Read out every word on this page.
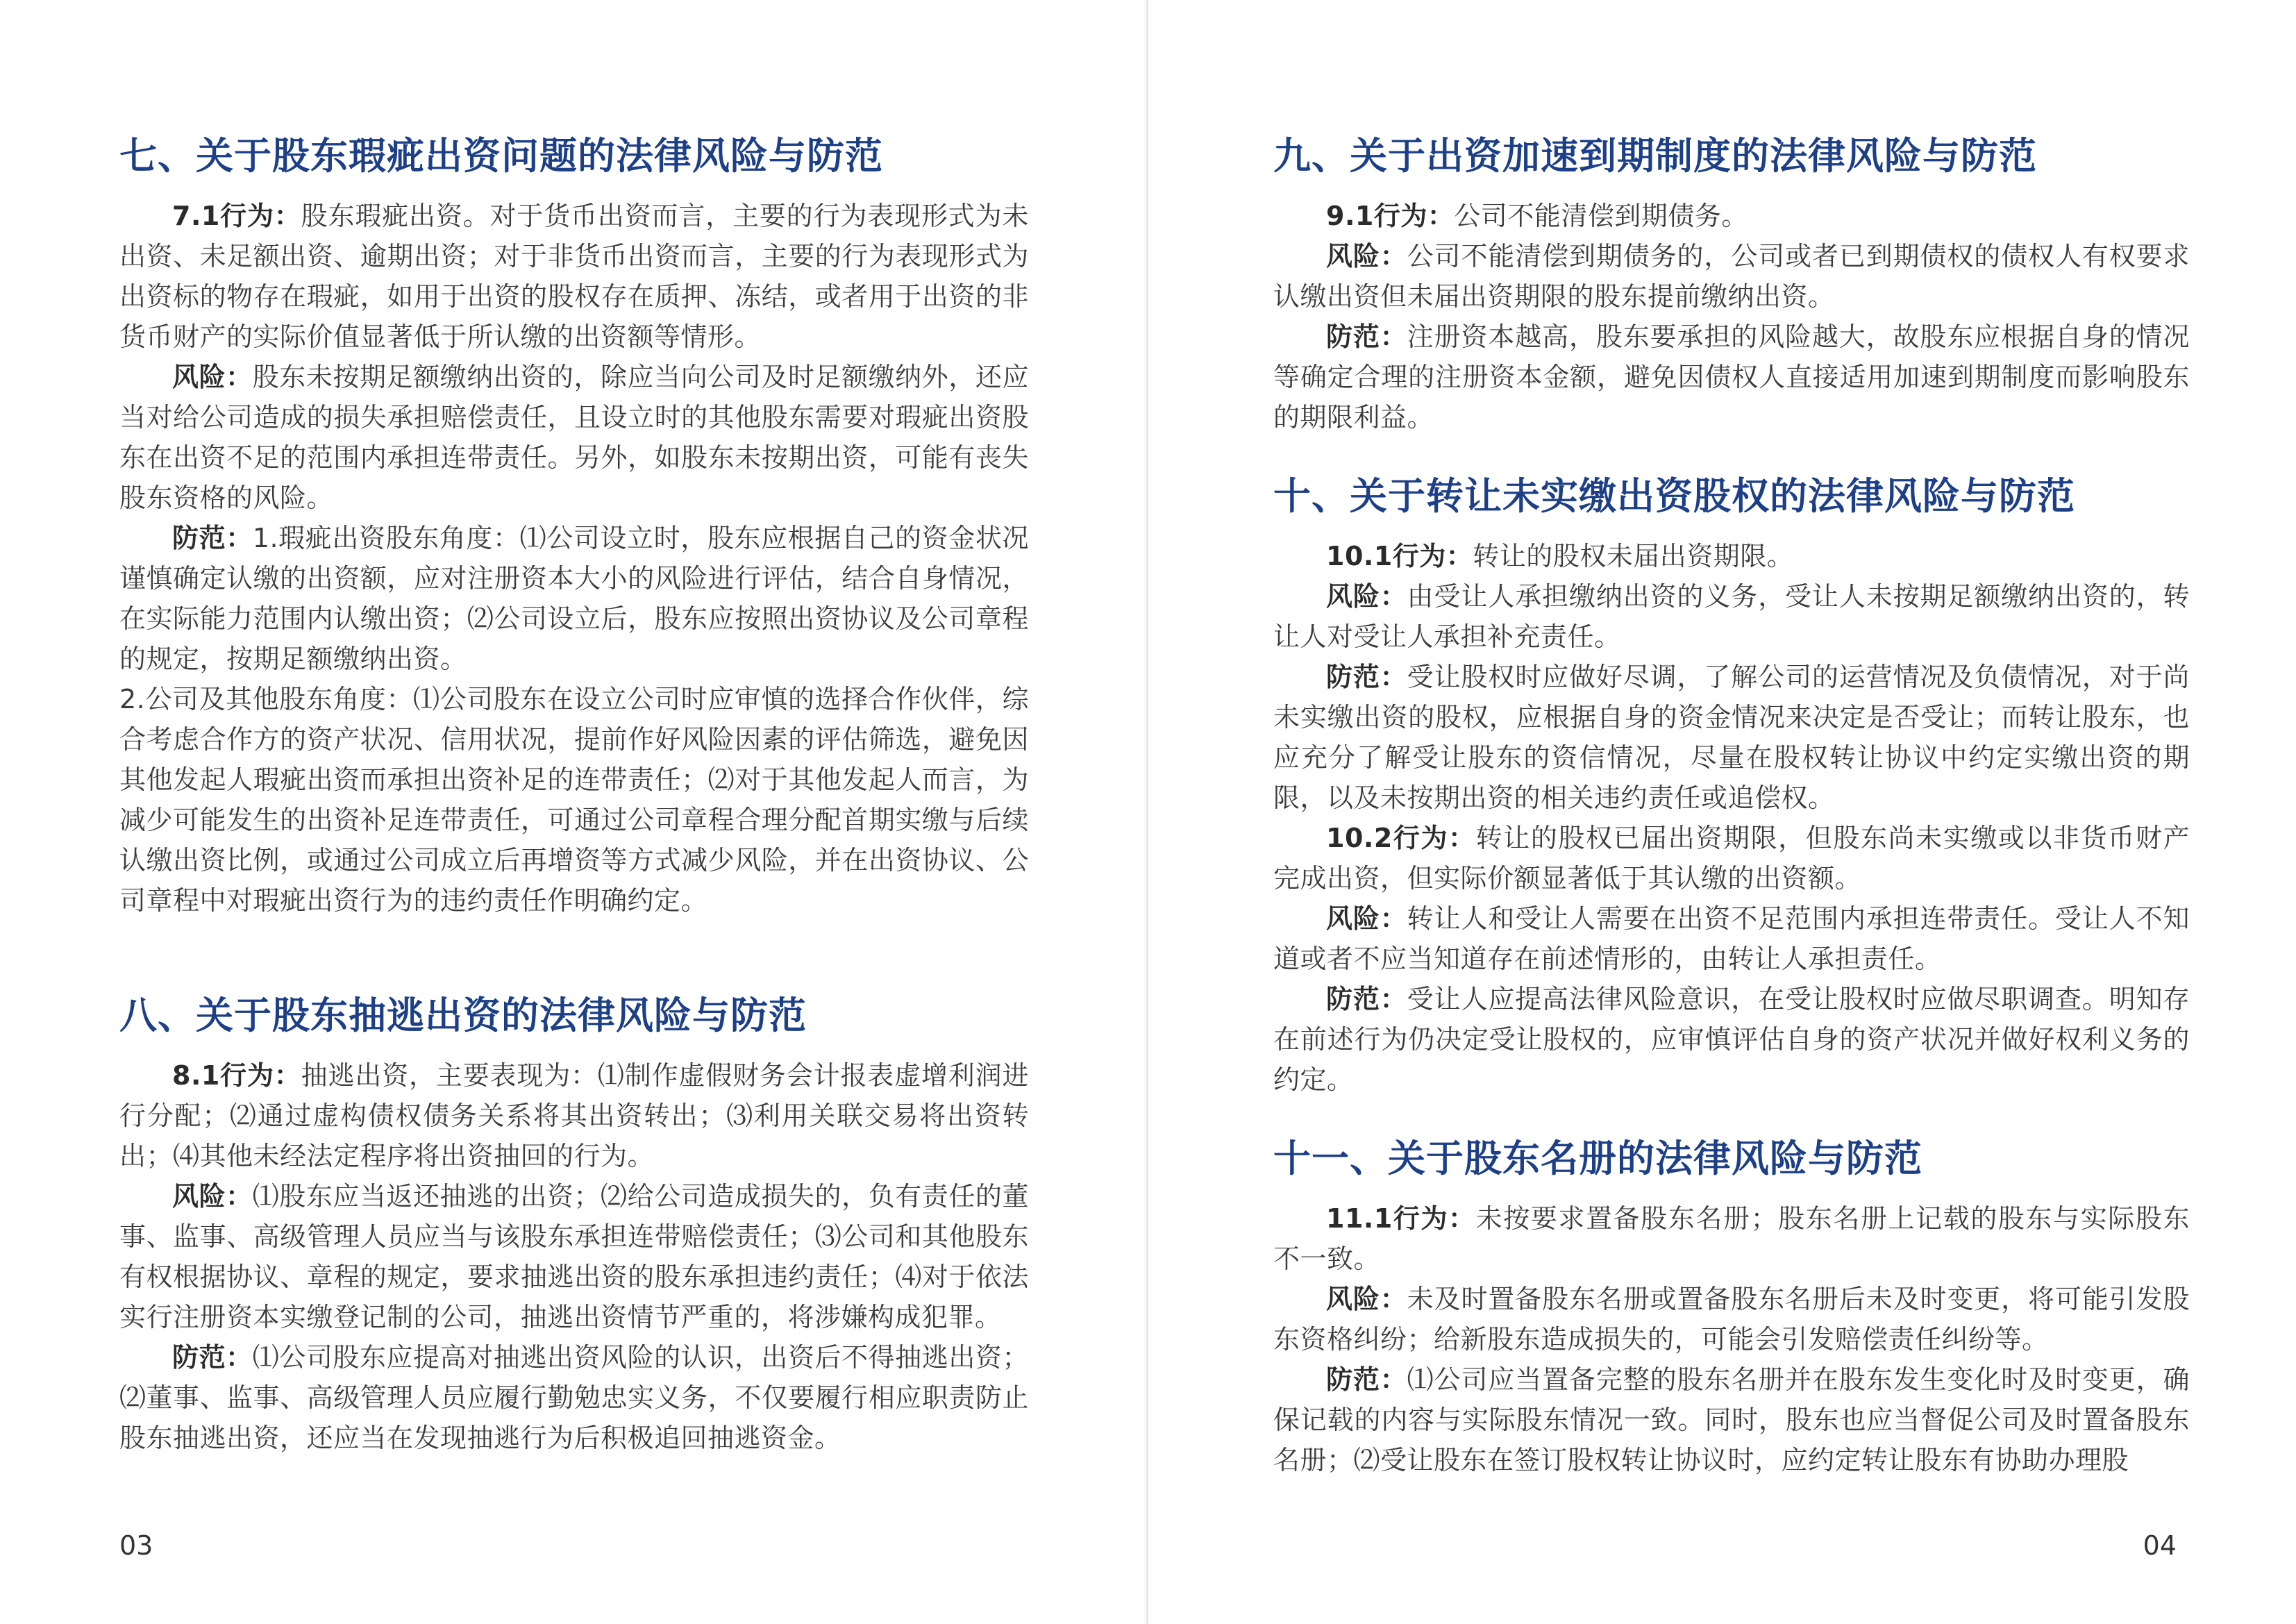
七、关于股东瑕疵出资问题的法律风险与防范

7.1行为：股东瑕疵出资。对于货币出资而言，主要的行为表现形式为未出资、未足额出资、逾期出资；对于非货币出资而言，主要的行为表现形式为出资标的物存在瑕疵，如用于出资的股权存在质押、冻结，或者用于出资的非货币财产的实际价值显著低于所认缴的出资额等情形。

风险：股东未按期足额缴纳出资的，除应当向公司及时足额缴纳外，还应当对给公司造成的损失承担赔偿责任，且设立时的其他股东需要对瑕疵出资股东在出资不足的范围内承担连带责任。另外，如股东未按期出资，可能有丧失股东资格的风险。

防范：1.瑕疵出资股东角度：⑴公司设立时，股东应根据自己的资金状况谨慎确定认缴的出资额，应对注册资本大小的风险进行评估，结合自身情况，在实际能力范围内认缴出资；⑵公司设立后，股东应按照出资协议及公司章程的规定，按期足额缴纳出资。

2.公司及其他股东角度：⑴公司股东在设立公司时应审慎的选择合作伙伴，综合考虑合作方的资产状况、信用状况，提前作好风险因素的评估筛选，避免因其他发起人瑕疵出资而承担出资补足的连带责任；⑵对于其他发起人而言，为减少可能发生的出资补足连带责任，可通过公司章程合理分配首期实缴与后续认缴出资比例，或通过公司成立后再增资等方式减少风险，并在出资协议、公司章程中对瑕疵出资行为的违约责任作明确约定。

八、关于股东抽逃出资的法律风险与防范

8.1行为：抽逃出资，主要表现为：⑴制作虚假财务会计报表虚增利润进行分配；⑵通过虚构债权债务关系将其出资转出；⑶利用关联交易将出资转出；⑷其他未经法定程序将出资抽回的行为。

风险：⑴股东应当返还抽逃的出资；⑵给公司造成损失的，负有责任的董事、监事、高级管理人员应当与该股东承担连带赔偿责任；⑶公司和其他股东有权根据协议、章程的规定，要求抽逃出资的股东承担违约责任；⑷对于依法实行注册资本实缴登记制的公司，抽逃出资情节严重的，将涉嫌构成犯罪。

防范：⑴公司股东应提高对抽逃出资风险的认识，出资后不得抽逃出资；⑵董事、监事、高级管理人员应履行勤勉忠实义务，不仅要履行相应职责防止股东抽逃出资，还应当在发现抽逃行为后积极追回抽逃资金。

03
九、关于出资加速到期制度的法律风险与防范

9.1行为：公司不能清偿到期债务。

风险：公司不能清偿到期债务的，公司或者已到期债权的债权人有权要求认缴出资但未届出资期限的股东提前缴纳出资。

防范：注册资本越高，股东要承担的风险越大，故股东应根据自身的情况等确定合理的注册资本金额，避免因债权人直接适用加速到期制度而影响股东的期限利益。

十、关于转让未实缴出资股权的法律风险与防范

10.1行为：转让的股权未届出资期限。

风险：由受让人承担缴纳出资的义务，受让人未按期足额缴纳出资的，转让人对受让人承担补充责任。

防范：受让股权时应做好尽调，了解公司的运营情况及负债情况，对于尚未实缴出资的股权，应根据自身的资金情况来决定是否受让；而转让股东，也应充分了解受让股东的资信情况，尽量在股权转让协议中约定实缴出资的期限，以及未按期出资的相关违约责任或追偿权。

10.2行为：转让的股权已届出资期限，但股东尚未实缴或以非货币财产完成出资，但实际价额显著低于其认缴的出资额。

风险：转让人和受让人需要在出资不足范围内承担连带责任。受让人不知道或者不应当知道存在前述情形的，由转让人承担责任。

防范：受让人应提高法律风险意识，在受让股权时应做尽职调查。明知存在前述行为仍决定受让股权的，应审慎评估自身的资产状况并做好权利义务的约定。

十一、关于股东名册的法律风险与防范

11.1行为：未按要求置备股东名册；股东名册上记载的股东与实际股东不一致。

风险：未及时置备股东名册或置备股东名册后未及时变更，将可能引发股东资格纠纷；给新股东造成损失的，可能会引发赔偿责任纠纷等。

防范：⑴公司应当置备完整的股东名册并在股东发生变化时及时变更，确保记载的内容与实际股东情况一致。同时，股东也应当督促公司及时置备股东名册；⑵受让股东在签订股权转让协议时，应约定转让股东有协助办理股

04
